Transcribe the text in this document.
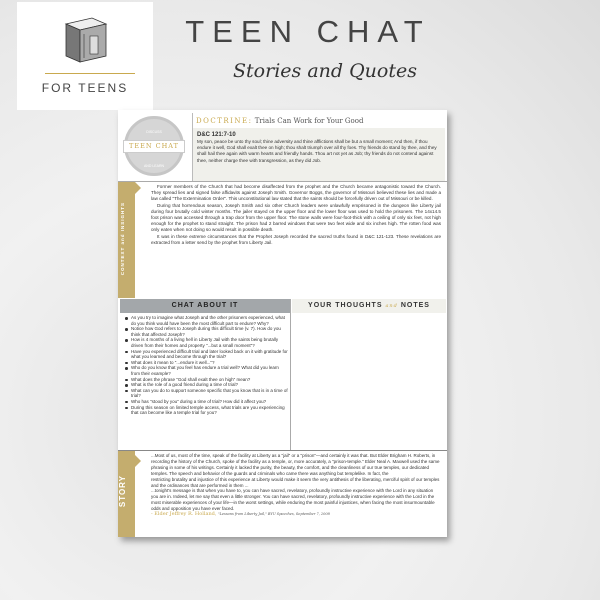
FOR TEENS
TEEN CHAT
Stories and Quotes
DISCUSS
TEEN CHAT
AND LEARN
DOCTRINE: Trials Can Work for Your Good
D&C 121:7-10

My son, peace be unto thy soul; thine adversity and thine afflictions shall be but a small moment; And then, if thou endure it well, God shall exalt thee on high; thou shalt triumph over all thy foes. Thy friends do stand by thee, and they shall hail thee again with warm hearts and friendly hands. Thou art not yet as Job; thy friends do not contend against thee, neither charge thee with transgression, as they did Job.

CONTEXT and INSIGHTS

Former members of the Church that had become disaffected from the prophet and the Church became antagonistic toward the Church. They spread lies and signed false affidavits against Joseph Smith. Governor Boggs, the governor of Missouri believed these lies and made a law called "The Extermination Order". This unconstitutional law stated that the saints should be forcefully driven out of Missouri or be killed.

During that horrendous season, Joseph Smith and six other Church leaders were unlawfully emprisoned in the dungeon like Liberty jail during four brutally cold winter months. The jailer stayed on the upper floor and the lower floor was used to hold the prisoners. The 14x14.5 foot prison was accessed through a trap door from the upper floor. The stone walls were four-foot-thick with a ceiling of only six feet, not high enough for the prophet to stand straight. The prison had 2 barred windows that were two feet wide and six inches high. The rotten food was only eaten when not doing so would result in possible death.

It was in these extreme circumstances that the Prophet Joseph recorded the sacred truths found in D&C 121-123. These revelations are extracted from a letter send by the prophet from Liberty Jail.

CHAT ABOUT IT	YOUR THOUGHTS and NOTES
As you try to imagine what Joseph and the other prisoners experienced, what do you think would have been the most difficult part to endure? Why?
Notice how God refers to Joseph during this difficult time (v. 7). How do you think that affected Joseph?
How is 4 months of a living hell in Liberty Jail with the saints being brutally driven from their homes and property "...but a small moment"?
Have you experienced difficult trial and later looked back on it with gratitude for what you learned and become through the trial?
What does it mean to "...endure it well..."?
Who do you know that you feel has endure a trial well? What did you learn from their example?
What does the phrase "God shall exalt thee on high" mean?
What is the role of a good friend during a time of trial?
What can you do to support someone specific that you know that is in a time of trial?
Who has "stood by you" during a time of trial? How did it affect you?
During this season on limited temple access, what trials are you experiencing that can become like a temple trial for you?
STORY

...Most of us, most of the time, speak of the facility at Liberty as a "jail" or a "prison"—and certainly it was that. But Elder Brigham H. Roberts, in recording the history of the Church, spoke of the facility as a temple, or, more accurately, a "prison-temple." Elder Neal A. Maxwell used the same phrasing in some of his writings. Certainly it lacked the purity, the beauty, the comfort, and the cleanliness of our true temples, our dedicated temples. The speech and behavior of the guards and criminals who came there was anything but templelike. In fact, the

restricting brutality and injustice of this experience at Liberty would make it seem the very antithesis of the liberating, merciful spirit of our temples and the ordinances that are performed in them ...

...tonight's message is that when you have to, you can have sacred, revelatory, profoundly instructive experience with the Lord in any situation you are in. Indeed, let me say that even a little stronger. You can have sacred, revelatory, profoundly instructive experience with the Lord in the most miserable experiences of your life—in the worst settings, while enduring the most painful injustices, when facing the most insurmountable odds and opposition you have ever faced.

- Elder Jeffrey R. Holland, "Lessons from Liberty Jail," BYU Speeches, September 7, 2008
